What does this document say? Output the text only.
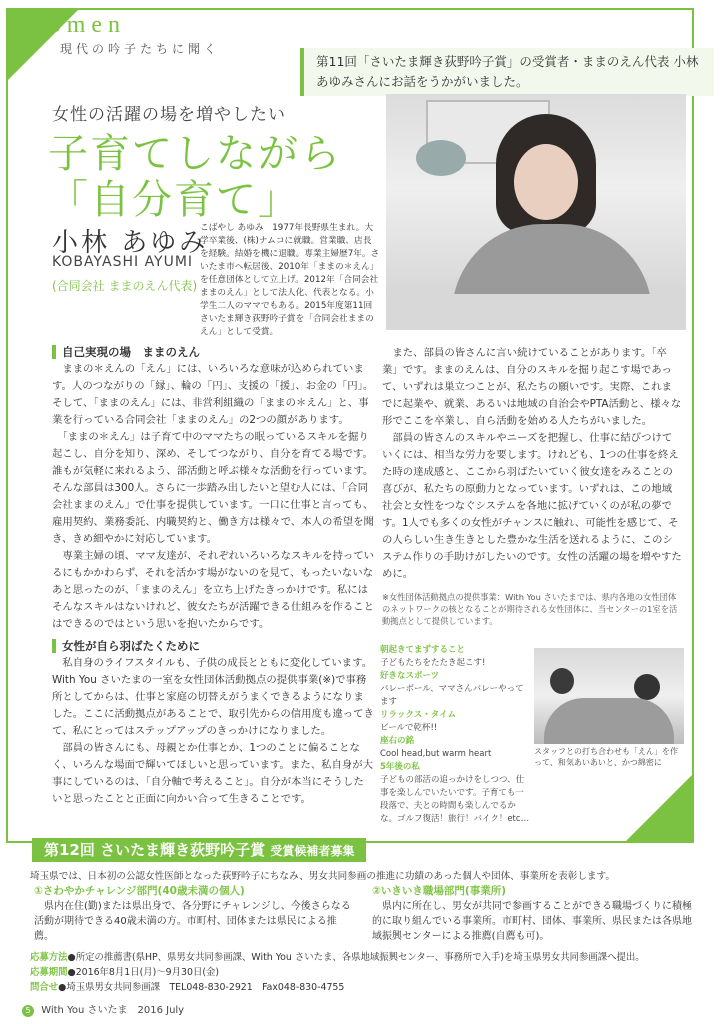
Women
現代の吟子たちに聞く
第11回「さいたま輝き荻野吟子賞」の受賞者・ままのえん代表 小林あゆみさんにお話をうかがいました。
女性の活躍の場を増やしたい
子育てしながら
「自分育て」
小林 あゆみ
KOBAYASHI AYUMI
(合同会社 ままのえん代表)
こばやし あゆみ　1977年長野県生まれ。大学卒業後、(株)ナムコに就職。営業職、店長を経験。結婚を機に退職。専業主婦歴7年。さいたま市へ転居後、2010年「ままの＊えん」を任意団体として立上げ。2012年「合同会社ままのえん」として法人化、代表となる。小学生二人のママでもある。2015年度第11回さいたま輝き荻野吟子賞を「合同会社ままのえん」として受賞。
自己実現の場　ままのえん

　ままの＊えんの「えん」には、いろいろな意味が込められています。人のつながりの「縁」、輪の「円」、支援の「援」、お金の「円」。そして、「ままのえん」には、非営利組織の「ままの＊えん」と、事業を行っている合同会社「ままのえん」の2つの顔があります。

　「ままの＊えん」は子育て中のママたちの眠っているスキルを掘り起こし、自分を知り、深め、そしてつながり、自分を育てる場です。誰もが気軽に来れるよう、部活動と呼ぶ様々な活動を行っています。そんな部員は300人。さらに一歩踏み出したいと望む人には、「合同会社ままのえん」で仕事を提供しています。一口に仕事と言っても、雇用契約、業務委託、内職契約と、働き方は様々で、本人の希望を聞き、きめ細やかに対応しています。

　専業主婦の頃、ママ友達が、それぞれいろいろなスキルを持っているにもかかわらず、それを活かす場がないのを見て、もったいないなあと思ったのが、「ままのえん」を立ち上げたきっかけです。私にはそんなスキルはないけれど、彼女たちが活躍できる仕組みを作ることはできるのではという思いを抱いたからです。

女性が自ら羽ばたくために

　私自身のライフスタイルも、子供の成長とともに変化しています。With You さいたまの一室を女性団体活動拠点の提供事業(※)で事務所としてからは、仕事と家庭の切替えがうまくできるようになりました。ここに活動拠点があることで、取引先からの信用度も違ってきて、私にとってはステップアップのきっかけになりました。

　部員の皆さんにも、母親とか仕事とか、1つのことに偏ることなく、いろんな場面で輝いてほしいと思っています。また、私自身が大事にしているのは、「自分軸で考えること」。自分が本当にそうしたいと思ったことと正面に向かい合って生きることです。

　また、部員の皆さんに言い続けていることがあります。「卒業」です。ままのえんは、自分のスキルを掘り起こす場であって、いずれは巣立つことが、私たちの願いです。実際、これまでに起業や、就業、あるいは地域の自治会やPTA活動と、様々な形でここを卒業し、自ら活動を始める人たちがいました。

　部員の皆さんのスキルやニーズを把握し、仕事に結びつけていくには、相当な労力を要します。けれども、1つの仕事を終えた時の達成感と、ここから羽ばたいていく彼女達をみることの喜びが、私たちの原動力となっています。いずれは、この地域社会と女性をつなぐシステムを各地に拡げていくのが私の夢です。1人でも多くの女性がチャンスに触れ、可能性を感じて、その人らしい生き生きとした豊かな生活を送れるように、このシステム作りの手助けがしたいのです。女性の活躍の場を増やすために。

※女性団体活動拠点の提供事業：With You さいたまでは、県内各地の女性団体のネットワークの核となることが期待される女性団体に、当センターの1室を活動拠点として提供しています。

朝起きてまずすること
子どもたちをたたき起こす!
好きなスポーツ
バレーボール、ママさんバレーやってます
リラックス・タイム
ビールで乾杯!!
座右の銘
Cool head,but warm heart
5年後の私
子どもの部活の追っかけをしつつ、仕事を楽しんでいたいです。子育ても一段落で、夫との時間も楽しんでるかな。ゴルフ復活！旅行！バイク！etc…
スタッフとの打ち合わせも「えん」を作って、和気あいあいと、かつ綿密に
第12回 さいたま輝き荻野吟子賞 受賞候補者募集
埼玉県では、日本初の公認女性医師となった荻野吟子にちなみ、男女共同参画の推進に功績のあった個人や団体、事業所を表彰します。
①さわやかチャレンジ部門(40歳未満の個人)
　県内在住(勤)または県出身で、各分野にチャレンジし、今後さらなる活動が期待できる40歳未満の方。市町村、団体または県民による推薦。
②いきいき職場部門(事業所)
　県内に所在し、男女が共同で参画することができる職場づくりに積極的に取り組んでいる事業所。市町村、団体、事業所、県民または各県地域振興センターによる推薦(自薦も可)。
応募方法●所定の推薦書(県HP、県男女共同参画課、With You さいたま、各県地域振興センター、事務所で入手)を埼玉県男女共同参画課へ提出。
応募期間●2016年8月1日(月)～9月30日(金)
問合せ●埼玉県男女共同参画課　TEL048-830-2921　Fax048-830-4755
5 With You さいたま　2016 July
